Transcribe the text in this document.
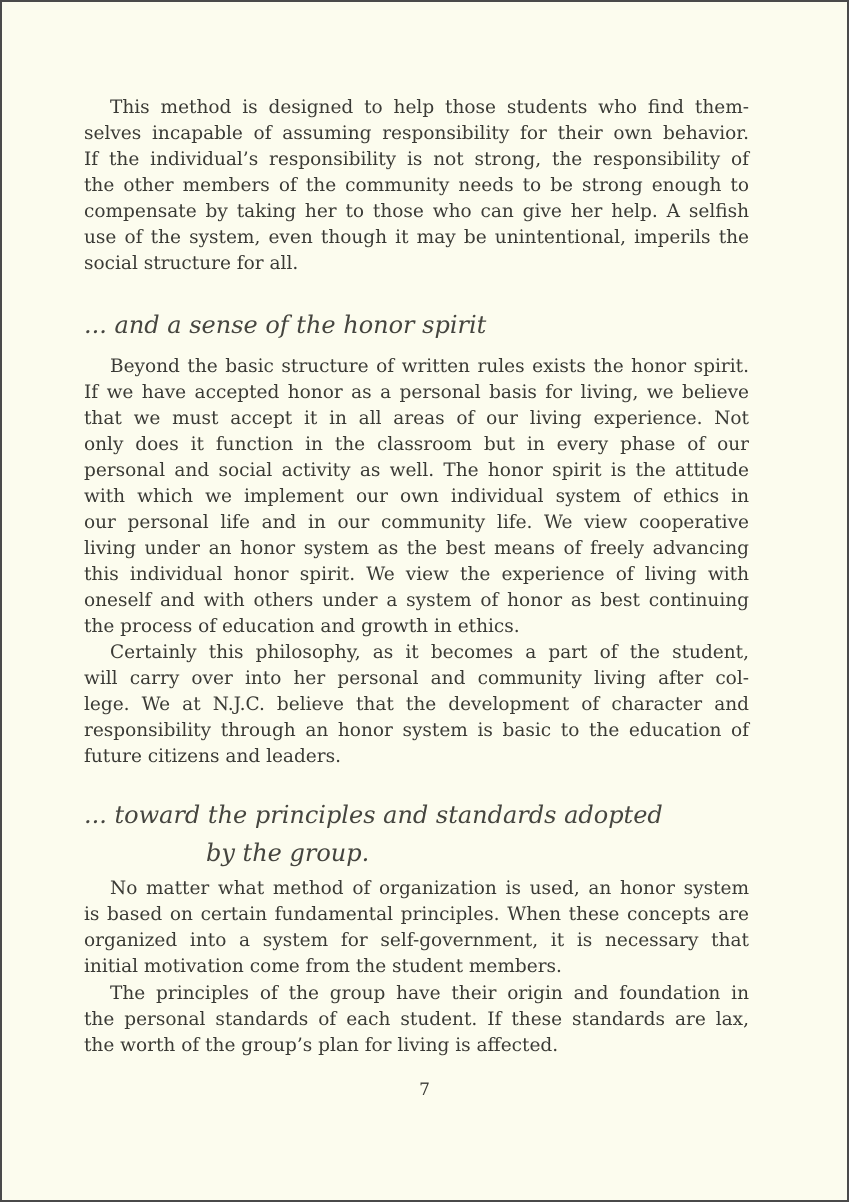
This method is designed to help those students who find them-
selves incapable of assuming responsibility for their own behavior.
If the individual’s responsibility is not strong, the responsibility of
the other members of the community needs to be strong enough to
compensate by taking her to those who can give her help. A selfish
use of the system, even though it may be unintentional, imperils the
social structure for all.
... and a sense of the honor spirit
Beyond the basic structure of written rules exists the honor spirit.
If we have accepted honor as a personal basis for living, we believe
that we must accept it in all areas of our living experience. Not
only does it function in the classroom but in every phase of our
personal and social activity as well. The honor spirit is the attitude
with which we implement our own individual system of ethics in
our personal life and in our community life. We view cooperative
living under an honor system as the best means of freely advancing
this individual honor spirit. We view the experience of living with
oneself and with others under a system of honor as best continuing
the process of education and growth in ethics.
Certainly this philosophy, as it becomes a part of the student,
will carry over into her personal and community living after col-
lege. We at N.J.C. believe that the development of character and
responsibility through an honor system is basic to the education of
future citizens and leaders.
... toward the principles and standards adopted
by the group.
No matter what method of organization is used, an honor system
is based on certain fundamental principles. When these concepts are
organized into a system for self-government, it is necessary that
initial motivation come from the student members.
The principles of the group have their origin and foundation in
the personal standards of each student. If these standards are lax,
the worth of the group’s plan for living is affected.
7
